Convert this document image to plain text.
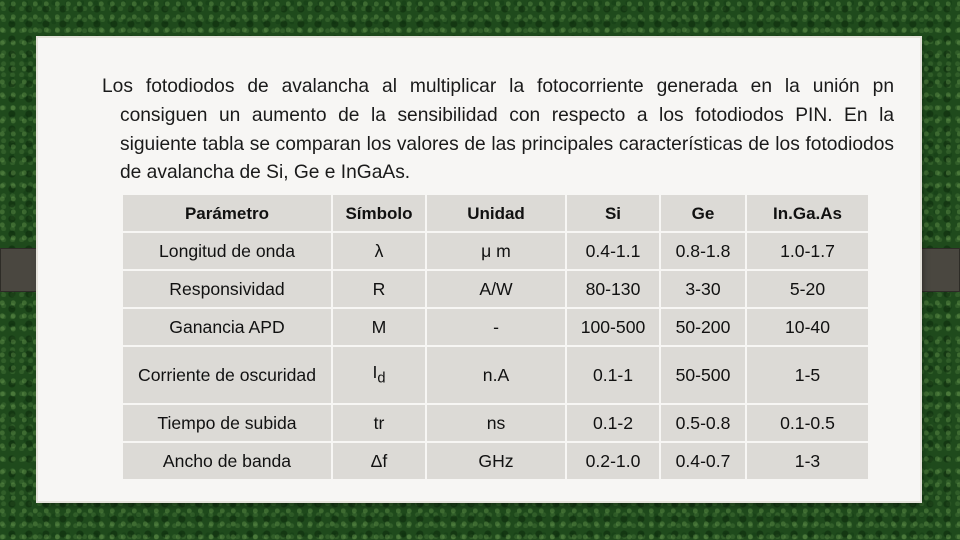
Los fotodiodos de avalancha al multiplicar la fotocorriente generada en la unión pn consiguen un aumento de la sensibilidad con respecto a los fotodiodos PIN. En la siguiente tabla se comparan los valores de las principales características de los fotodiodos de avalancha de Si, Ge e InGaAs.

Parámetro	Símbolo	Unidad	Si	Ge	In.Ga.As
Longitud de onda	λ	μ m	0.4-1.1	0.8-1.8	1.0-1.7
Responsividad	R	A/W	80-130	3-30	5-20
Ganancia APD	M	-	100-500	50-200	10-40
Corriente de oscuridad	$I_d$	n.A	0.1-1	50-500	1-5
Tiempo de subida	tr	ns	0.1-2	0.5-0.8	0.1-0.5
Ancho de banda	Δf	GHz	0.2-1.0	0.4-0.7	1-3
